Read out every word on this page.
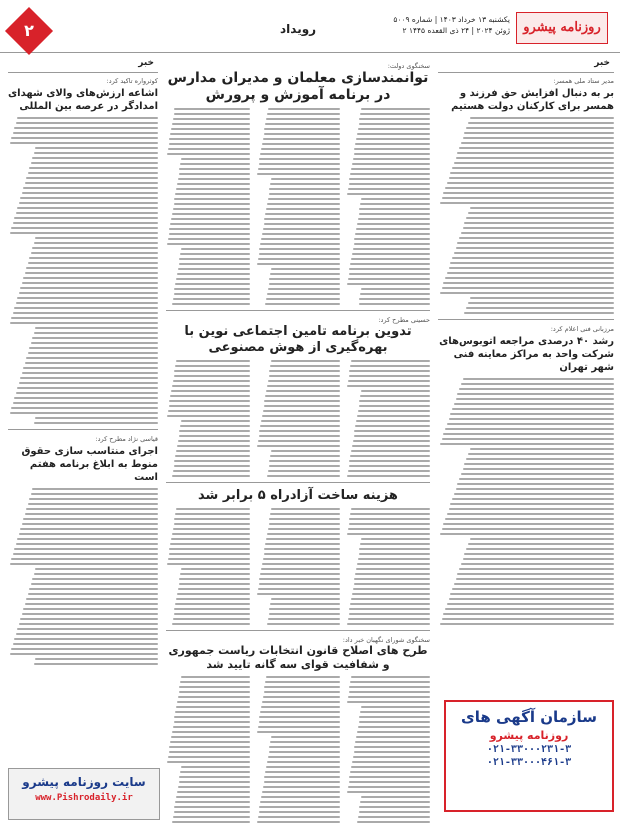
۲	رویداد
یکشنبه ۱۳ خرداد ۱۴۰۳ | شماره ۵۰۰۹
۲ ژوئن ۲۰۲۴ | ۲۴ ذی القعده ۱۴۴۵	روزنامه پیشرو
خبر
مدیر ستاد ملی همسر:
بر به دنبال افزایش حق فرزند و همسر برای کارکنان دولت هستیم
مرزبانی فنی اعلام کرد:
رشد ۴۰ درصدی مراجعه اتوبوس‌های شرکت واحد به مراکز معاینه فنی شهر تهران
سخنگوی دولت:
توانمندسازی معلمان و مدیران مدارس در برنامه آموزش و پرورش
حسینی مطرح کرد:
تدوین برنامه تامین اجتماعی نوین با بهره‌گیری از هوش مصنوعی
هزینه ساخت آزادراه ۵ برابر شد
سخنگوی شورای نگهبان خبر داد:
طرح های اصلاح قانون انتخابات ریاست جمهوری و شفافیت قوای سه گانه تایید شد
خبر
کوثر‌واره تاکید کرد:
اشاعه ارزش‌های والای شهدای امدادگر در عرصه بین المللی
قیاسی نژاد مطرح کرد:
اجرای منتاسب سازی حقوق منوط به ابلاغ برنامه هفتم است
سازمان آگهی های
روزنامه پیشرو
۰۲۱-۳۳۰۰۰۲۳۱-۳
۰۲۱-۳۳۰۰۰۴۶۱-۳
سایت روزنامه پیشرو
www.Pishrodaily.ir
